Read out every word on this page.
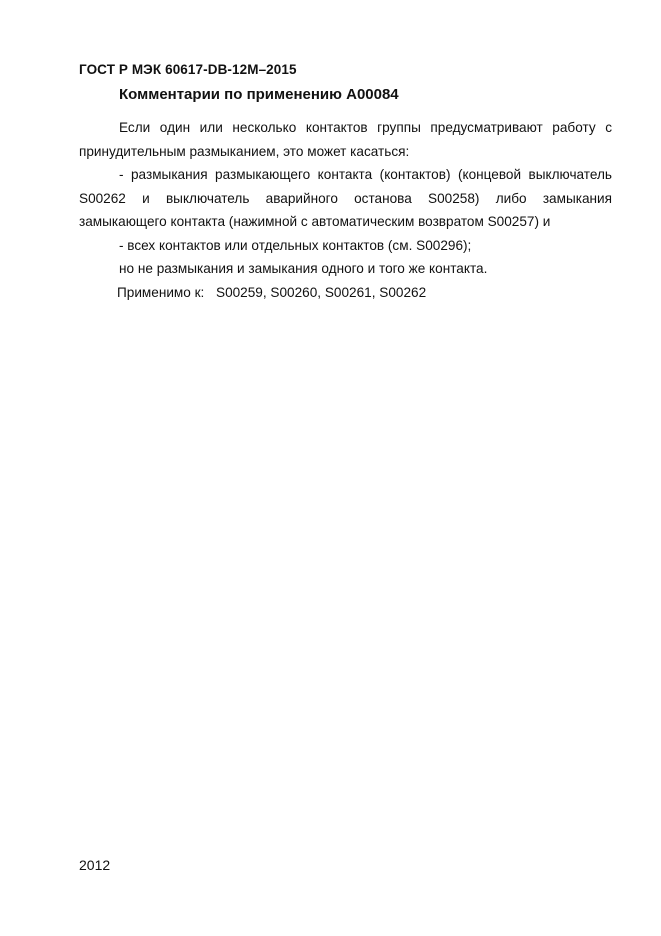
ГОСТ Р МЭК 60617-DB-12M–2015
Комментарии по применению A00084

Если один или несколько контактов группы предусматривают работу с принудительным размыканием, это может касаться:

- размыкания размыкающего контакта (контактов) (концевой выключатель S00262 и выключатель аварийного останова S00258) либо замыкания замыкающего контакта (нажимной с автоматическим возвратом S00257) и

- всех контактов или отдельных контактов (см. S00296);

но не размыкания и замыкания одного и того же контакта.

Применимо к: S00259, S00260, S00261, S00262

2012
